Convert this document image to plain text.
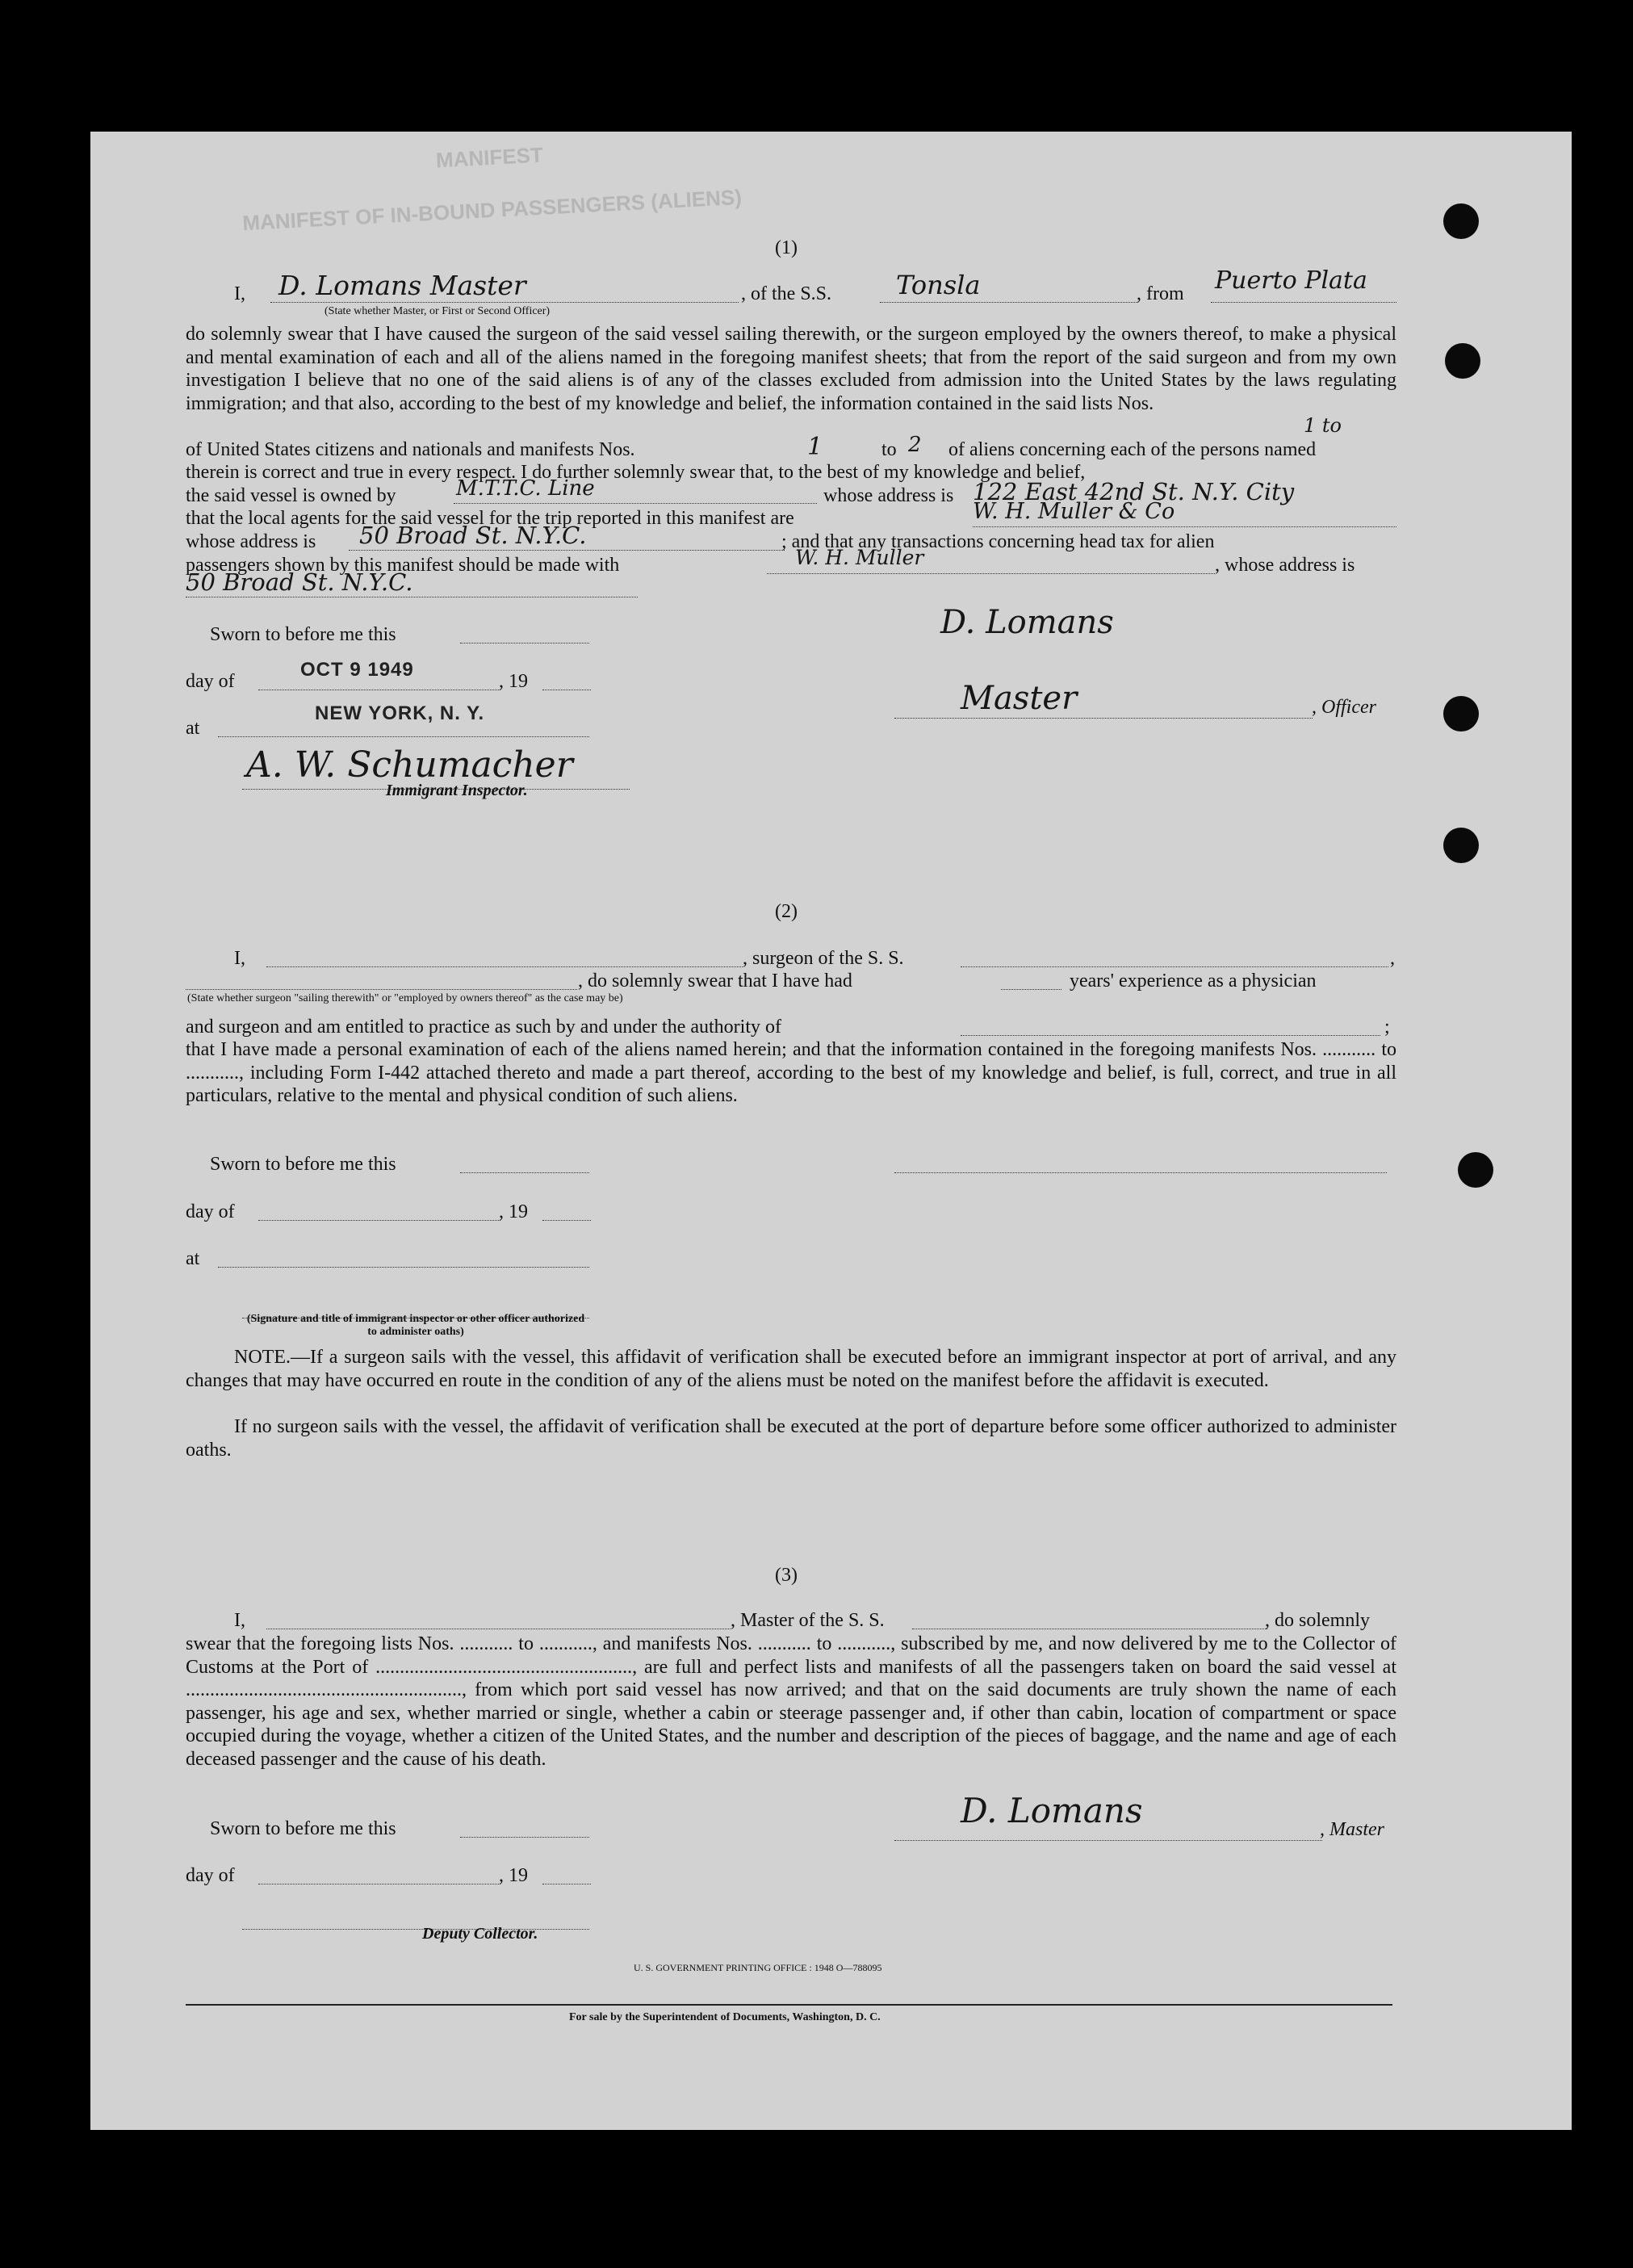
MANIFEST OF IN-BOUND PASSENGERS (ALIENS)
MANIFEST
(1)
I, D. Lomans Master
(State whether Master, or First or Second Officer)
, of the S.S. Tonsla	, from Puerto Plata
do solemnly swear that I have caused the surgeon of the said vessel sailing therewith, or the surgeon employed by the owners thereof, to make a physical and mental examination of each and all of the aliens named in the foregoing manifest sheets; that from the report of the said surgeon and from my own investigation I believe that no one of the said aliens is of any of the classes excluded from admission into the United States by the laws regulating immigration; and that also, according to the best of my knowledge and belief, the information contained in the said lists Nos.
1 to
of United States citizens and nationals and manifests Nos.	1	to 2 of aliens concerning each of the persons named
therein is correct and true in every respect. I do further solemnly swear that, to the best of my knowledge and belief,
the said vessel is owned by	M.T.T.C. Line	whose address is 122 East 42nd St. N.Y. City
that the local agents for the said vessel for the trip reported in this manifest are	W. H. Muller & Co
whose address is 50 Broad St. N.Y.C.	; and that any transactions concerning head tax for alien
passengers shown by this manifest should be made with	W. H. Muller	, whose address is
50 Broad St. N.Y.C.
Sworn to before me this	D. Lomans
day of
OCT 9 1949
, 19	Master	, Officer
at
NEW YORK, N. Y.
A. W. Schumacher
Immigrant Inspector.
(2)
I,	, surgeon of the S. S.	,
, do solemnly swear that I have had	years' experience as a physician
(State whether surgeon "sailing therewith" or "employed by owners thereof" as the case may be)
and surgeon and am entitled to practice as such by and under the authority of	;
that I have made a personal examination of each of the aliens named herein; and that the information contained in the foregoing manifests Nos. ........... to ..........., including Form I-442 attached thereto and made a part thereof, according to the best of my knowledge and belief, is full, correct, and true in all particulars, relative to the mental and physical condition of such aliens.
Sworn to before me this
day of	, 19
at
(Signature and title of immigrant inspector or other officer authorized to administer oaths)
NOTE.—If a surgeon sails with the vessel, this affidavit of verification shall be executed before an immigrant inspector at port of arrival, and any changes that may have occurred en route in the condition of any of the aliens must be noted on the manifest before the affidavit is executed.
If no surgeon sails with the vessel, the affidavit of verification shall be executed at the port of departure before some officer authorized to administer oaths.
(3)
I,	, Master of the S. S.	, do solemnly
swear that the foregoing lists Nos. ........... to ..........., and manifests Nos. ........... to ..........., subscribed by me, and now delivered by me to the Collector of Customs at the Port of ....................................................., are full and perfect lists and manifests of all the passengers taken on board the said vessel at ........................................................., from which port said vessel has now arrived; and that on the said documents are truly shown the name of each passenger, his age and sex, whether married or single, whether a cabin or steerage passenger and, if other than cabin, location of compartment or space occupied during the voyage, whether a citizen of the United States, and the number and description of the pieces of baggage, and the name and age of each deceased passenger and the cause of his death.
Sworn to before me this	D. Lomans	, Master
day of	, 19
Deputy Collector.
U. S. GOVERNMENT PRINTING OFFICE : 1948 O—788095
For sale by the Superintendent of Documents, Washington, D. C.
